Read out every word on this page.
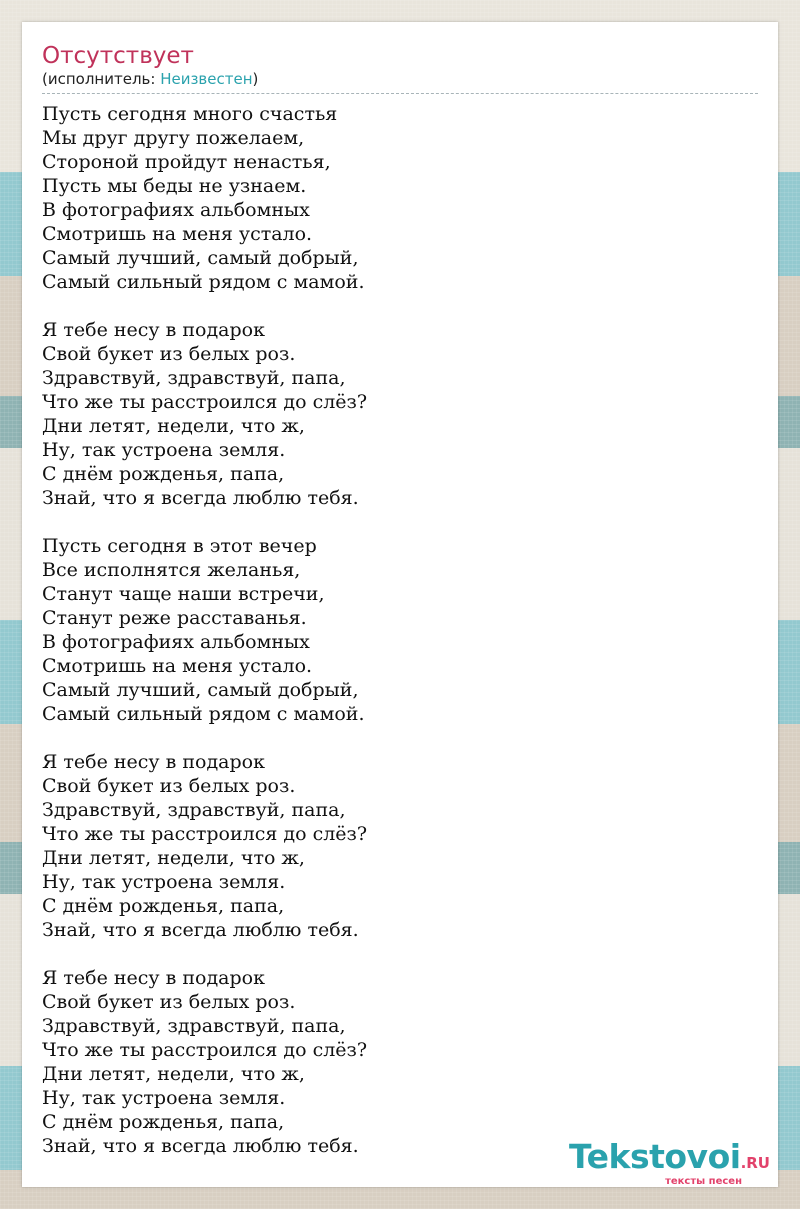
Отсутствует
(исполнитель: Неизвестен)
Пусть сегодня много счастья
Мы друг другу пожелаем,
Стороной пройдут ненастья,
Пусть мы беды не узнаем.
В фотографиях альбомных
Смотришь на меня устало.
Самый лучший, самый добрый,
Самый сильный рядом с мамой.
Я тебе несу в подарок
Свой букет из белых роз.
Здравствуй, здравствуй, папа,
Что же ты расстроился до слёз?
Дни летят, недели, что ж,
Ну, так устроена земля.
С днём рожденья, папа,
Знай, что я всегда люблю тебя.
Пусть сегодня в этот вечер
Все исполнятся желанья,
Станут чаще наши встречи,
Станут реже расставанья.
В фотографиях альбомных
Смотришь на меня устало.
Самый лучший, самый добрый,
Самый сильный рядом с мамой.
Я тебе несу в подарок
Свой букет из белых роз.
Здравствуй, здравствуй, папа,
Что же ты расстроился до слёз?
Дни летят, недели, что ж,
Ну, так устроена земля.
С днём рожденья, папа,
Знай, что я всегда люблю тебя.
Я тебе несу в подарок
Свой букет из белых роз.
Здравствуй, здравствуй, папа,
Что же ты расстроился до слёз?
Дни летят, недели, что ж,
Ну, так устроена земля.
С днём рожденья, папа,
Знай, что я всегда люблю тебя.	Tekstovoi.RU
тексты песен
